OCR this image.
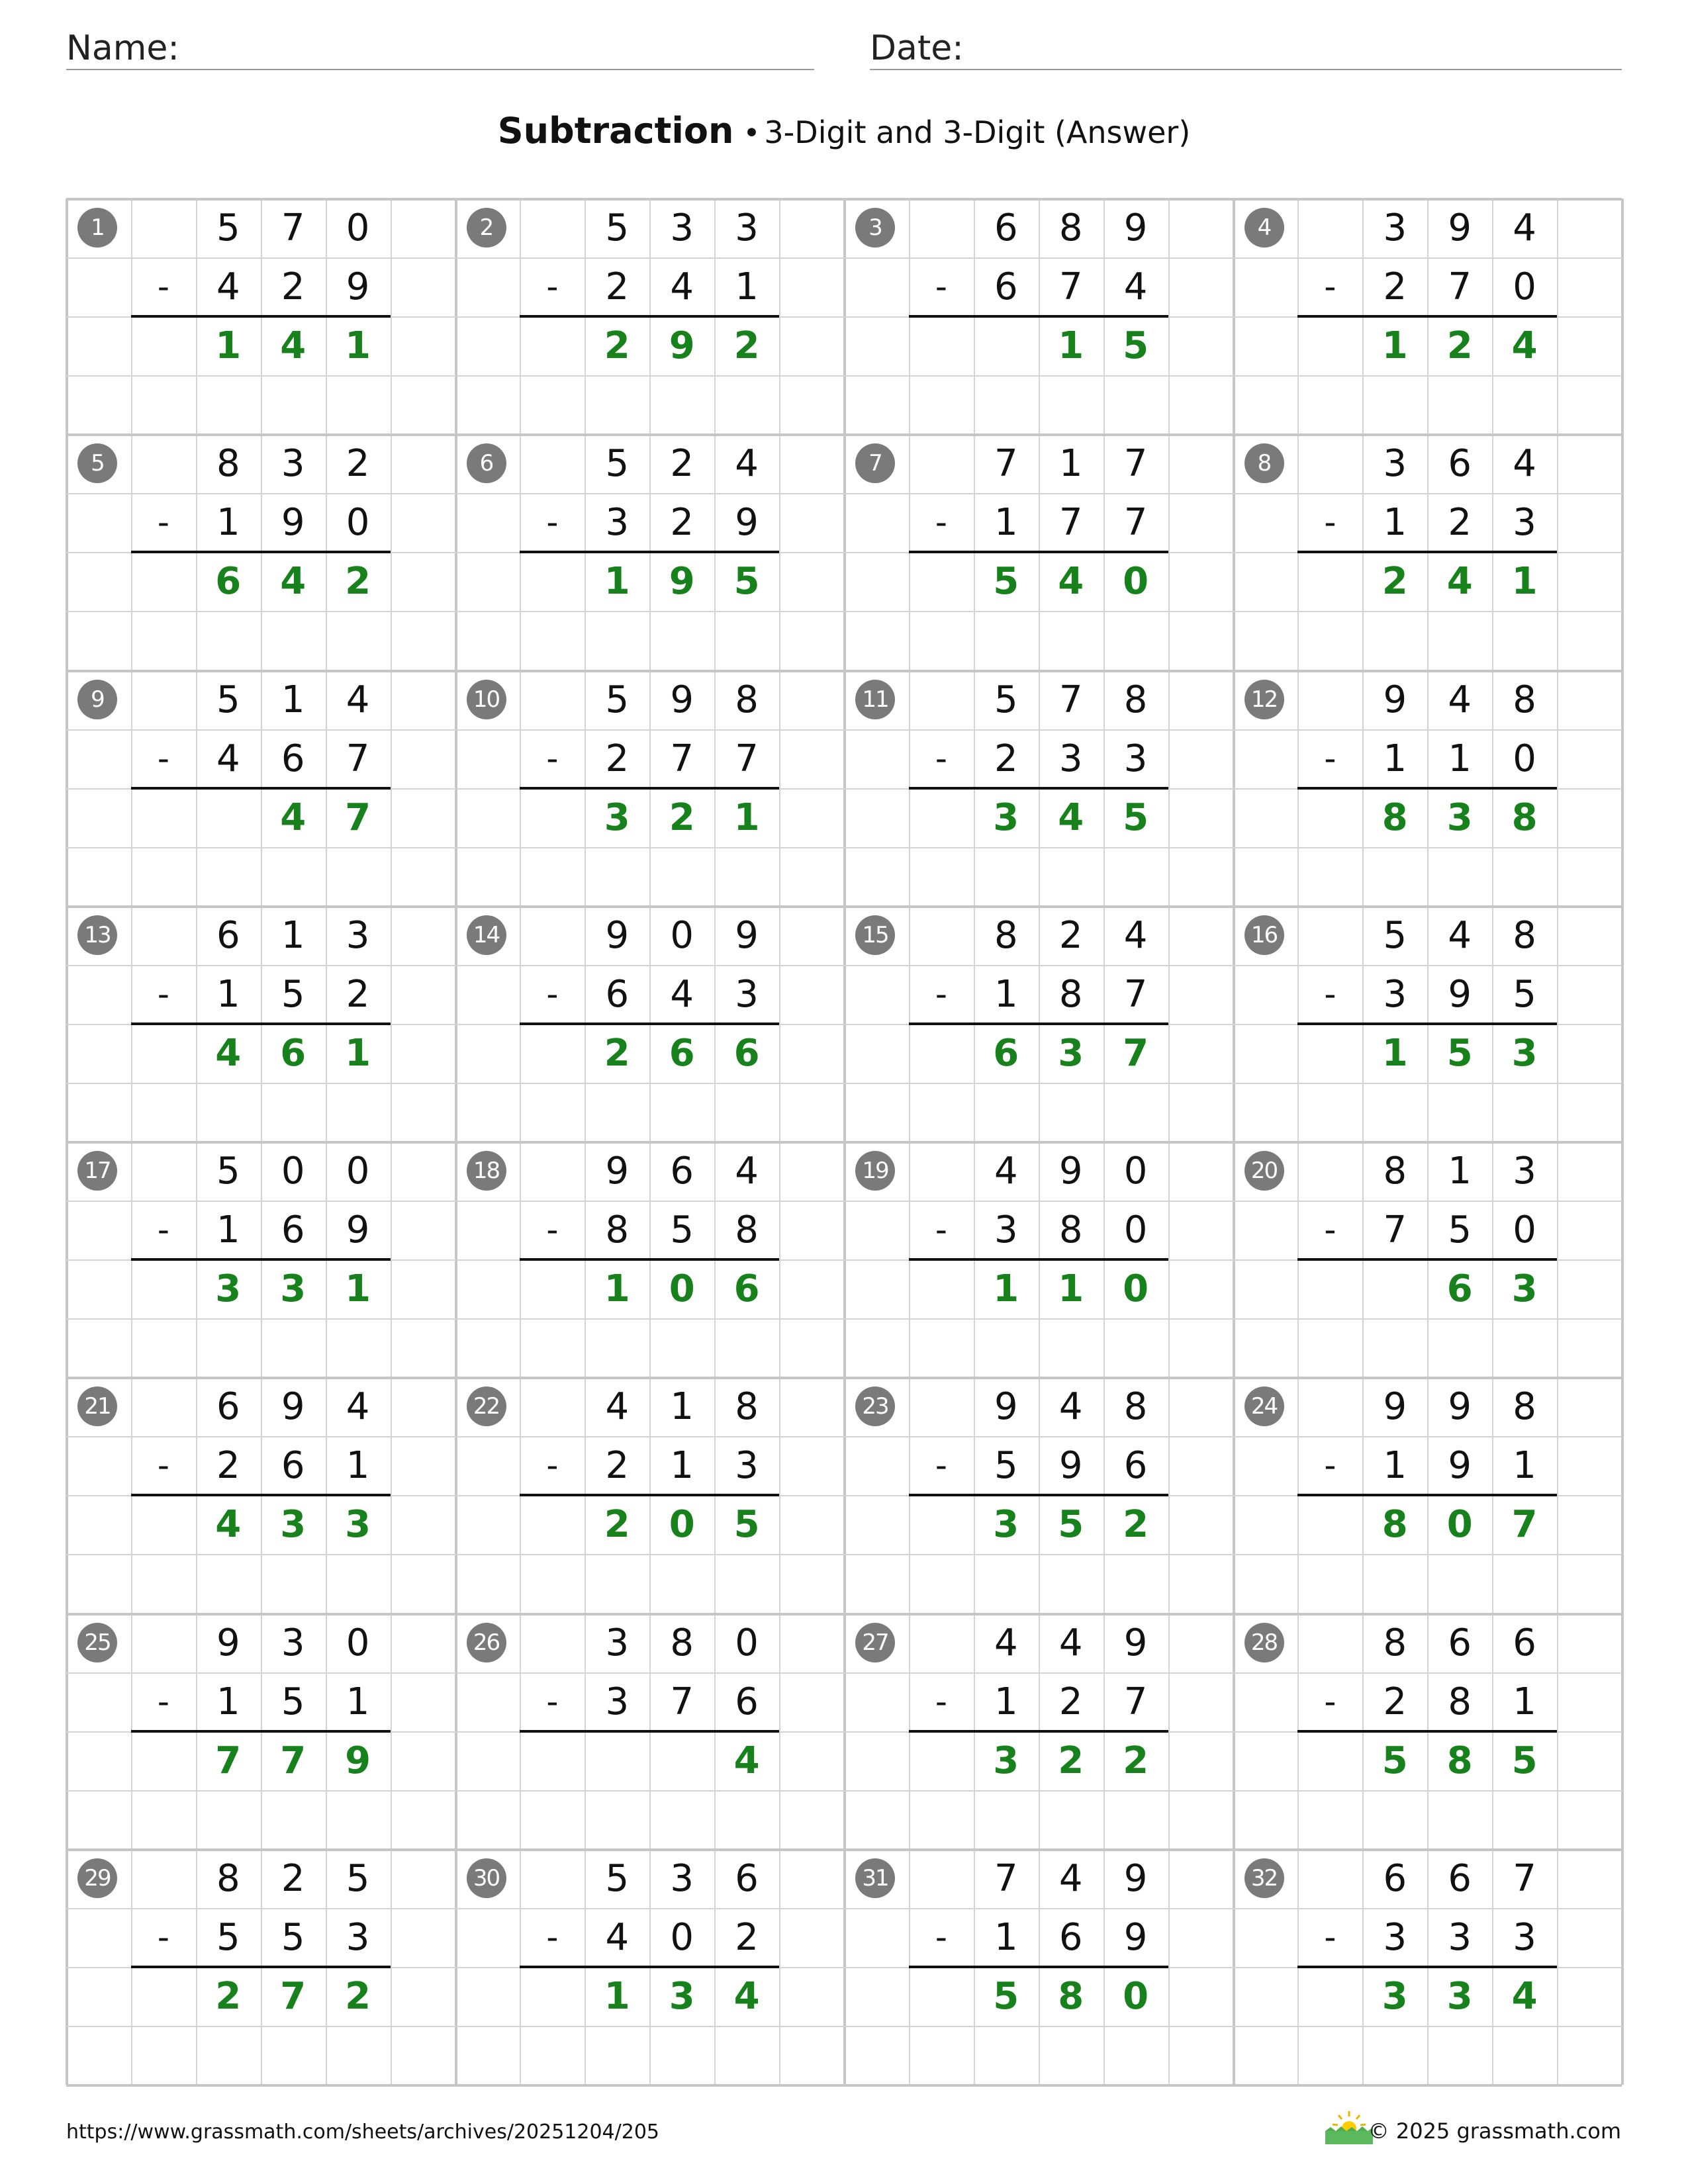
Name:	Date:
Subtraction • 3-Digit and 3-Digit (Answer)
1	5	7	0
4	2	9
-
1	4	1
2	5	3	3
2	4	1
-
2	9	2
3	6	8	9
6	7	4
-
1	5
4	3	9	4
2	7	0
-
1	2	4
5	8	3	2
1	9	0
-
6	4	2
6	5	2	4
3	2	9
-
1	9	5
7	7	1	7
1	7	7
-
5	4	0
8	3	6	4
1	2	3
-
2	4	1
9	5	1	4
4	6	7
-
4	7
10	5	9	8
2	7	7
-
3	2	1
11	5	7	8
2	3	3
-
3	4	5
12	9	4	8
1	1	0
-
8	3	8
13	6	1	3
1	5	2
-
4	6	1
14	9	0	9
6	4	3
-
2	6	6
15	8	2	4
1	8	7
-
6	3	7
16	5	4	8
3	9	5
-
1	5	3
17	5	0	0
1	6	9
-
3	3	1
18	9	6	4
8	5	8
-
1	0	6
19	4	9	0
3	8	0
-
1	1	0
20	8	1	3
7	5	0
-
6	3
21	6	9	4
2	6	1
-
4	3	3
22	4	1	8
2	1	3
-
2	0	5
23	9	4	8
5	9	6
-
3	5	2
24	9	9	8
1	9	1
-
8	0	7
25	9	3	0
1	5	1
-
7	7	9
26	3	8	0
3	7	6
-
4
27	4	4	9
1	2	7
-
3	2	2
28	8	6	6
2	8	1
-
5	8	5
29	8	2	5
5	5	3
-
2	7	2
30	5	3	6
4	0	2
-
1	3	4
31	7	4	9
1	6	9
-
5	8	0
32	6	6	7
3	3	3
-
3	3	4
https://www.grassmath.com/sheets/archives/20251204/205	© 2025 grassmath.com
